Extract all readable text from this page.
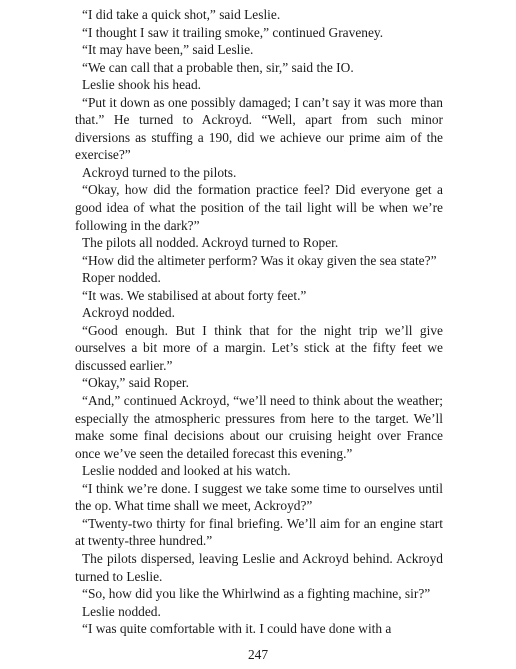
“I did take a quick shot,” said Leslie.

“I thought I saw it trailing smoke,” continued Graveney.

“It may have been,” said Leslie.

“We can call that a probable then, sir,” said the IO.

Leslie shook his head.

“Put it down as one possibly damaged; I can’t say it was more than that.” He turned to Ackroyd. “Well, apart from such minor diversions as stuffing a 190, did we achieve our prime aim of the exercise?”

Ackroyd turned to the pilots.

“Okay, how did the formation practice feel? Did everyone get a good idea of what the position of the tail light will be when we’re following in the dark?”

The pilots all nodded. Ackroyd turned to Roper.

“How did the altimeter perform? Was it okay given the sea state?”

Roper nodded.

“It was. We stabilised at about forty feet.”

Ackroyd nodded.

“Good enough. But I think that for the night trip we’ll give ourselves a bit more of a margin. Let’s stick at the fifty feet we discussed earlier.”

“Okay,” said Roper.

“And,” continued Ackroyd, “we’ll need to think about the weather; especially the atmospheric pressures from here to the target. We’ll make some final decisions about our cruising height over France once we’ve seen the detailed forecast this evening.”

Leslie nodded and looked at his watch.

“I think we’re done. I suggest we take some time to ourselves until the op. What time shall we meet, Ackroyd?”

“Twenty-two thirty for final briefing. We’ll aim for an engine start at twenty-three hundred.”

The pilots dispersed, leaving Leslie and Ackroyd behind. Ackroyd turned to Leslie.

“So, how did you like the Whirlwind as a fighting machine, sir?”

Leslie nodded.

“I was quite comfortable with it. I could have done with a

247
